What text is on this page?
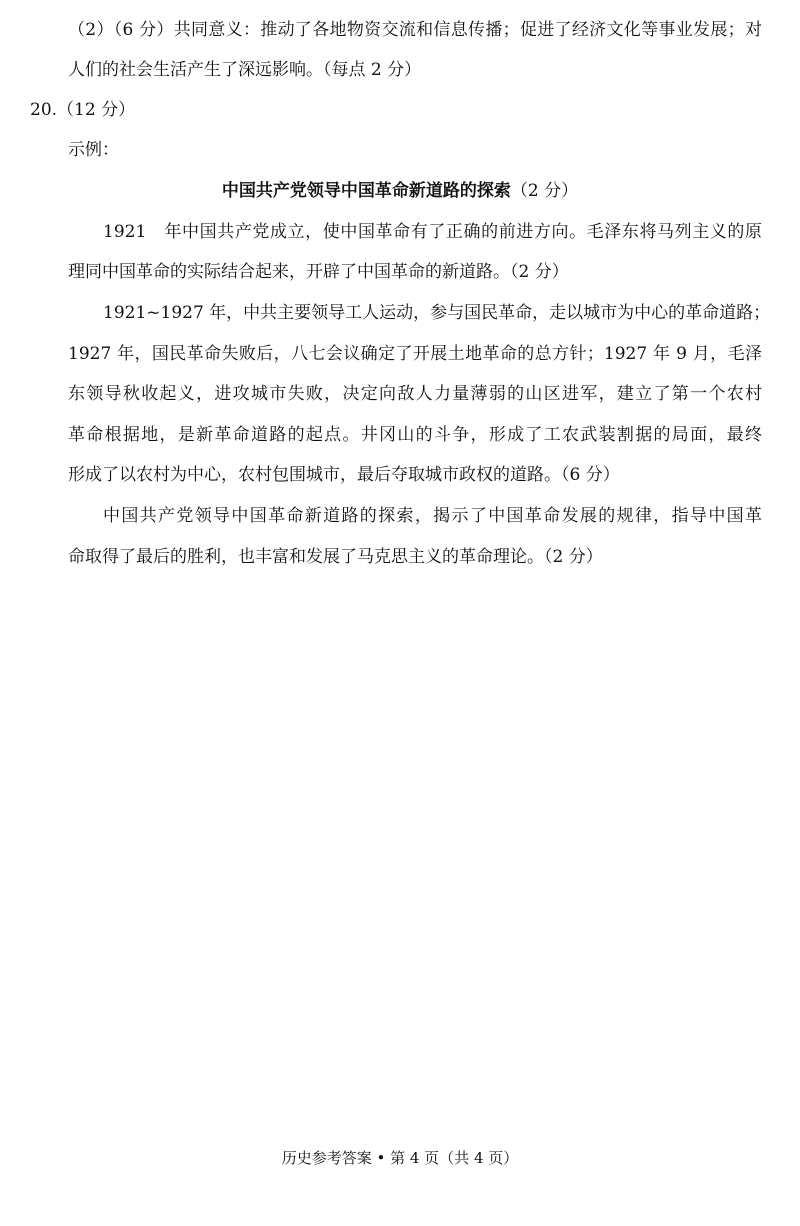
（2）（6 分）共同意义：推动了各地物资交流和信息传播；促进了经济文化等事业发展；对
人们的社会生活产生了深远影响。（每点 2 分）
20.（12 分）
示例：
中国共产党领导中国革命新道路的探索（2 分）
1921　年中国共产党成立，使中国革命有了正确的前进方向。毛泽东将马列主义的原
理同中国革命的实际结合起来，开辟了中国革命的新道路。（2 分）
1921~1927 年，中共主要领导工人运动，参与国民革命，走以城市为中心的革命道路；
1927 年，国民革命失败后，八七会议确定了开展土地革命的总方针；1927 年 9 月，毛泽
东领导秋收起义，进攻城市失败，决定向敌人力量薄弱的山区进军，建立了第一个农村
革命根据地，是新革命道路的起点。井冈山的斗争，形成了工农武装割据的局面，最终
形成了以农村为中心，农村包围城市，最后夺取城市政权的道路。（6 分）
中国共产党领导中国革命新道路的探索，揭示了中国革命发展的规律，指导中国革
命取得了最后的胜利，也丰富和发展了马克思主义的革命理论。（2 分）
历史参考答案 • 第 4 页（共 4 页）
